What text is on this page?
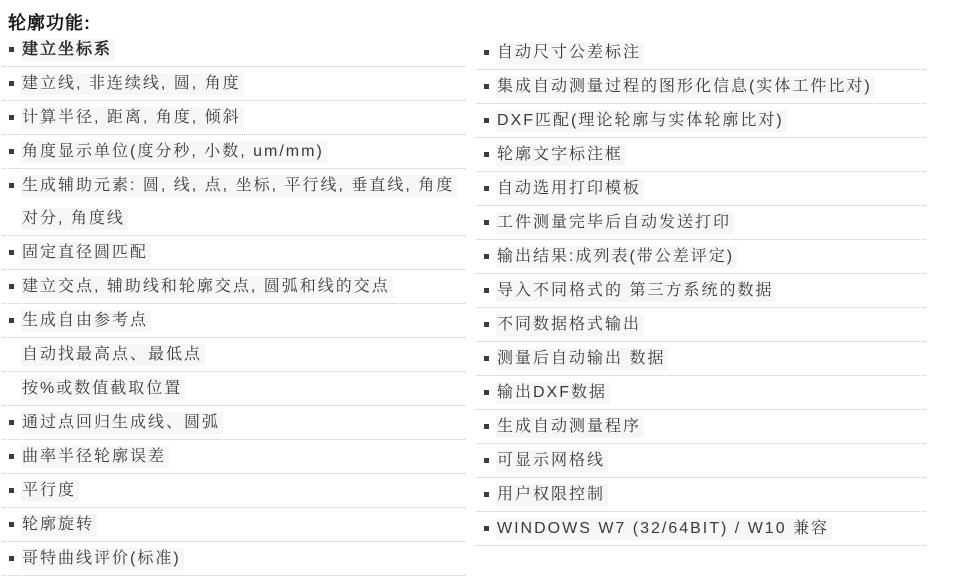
轮廓功能:
建立坐标系
建立线, 非连续线, 圆, 角度
计算半径, 距离, 角度, 倾斜
角度显示单位(度分秒, 小数, um/mm)
生成辅助元素: 圆, 线, 点, 坐标, 平行线, 垂直线, 角度对分, 角度线
固定直径圆匹配
建立交点, 辅助线和轮廓交点, 圆弧和线的交点
生成自由参考点
自动找最高点、最低点
按%或数值截取位置
通过点回归生成线、圆弧
曲率半径轮廓误差
平行度
轮廓旋转
哥特曲线评价(标准)
自动尺寸公差标注
集成自动测量过程的图形化信息(实体工件比对)
DXF匹配(理论轮廓与实体轮廓比对)
轮廓文字标注框
自动选用打印模板
工件测量完毕后自动发送打印
输出结果:成列表(带公差评定)
导入不同格式的 第三方系统的数据
不同数据格式输出
测量后自动输出 数据
输出DXF数据
生成自动测量程序
可显示网格线
用户权限控制
WINDOWS W7 (32/64BIT) / W10 兼容
